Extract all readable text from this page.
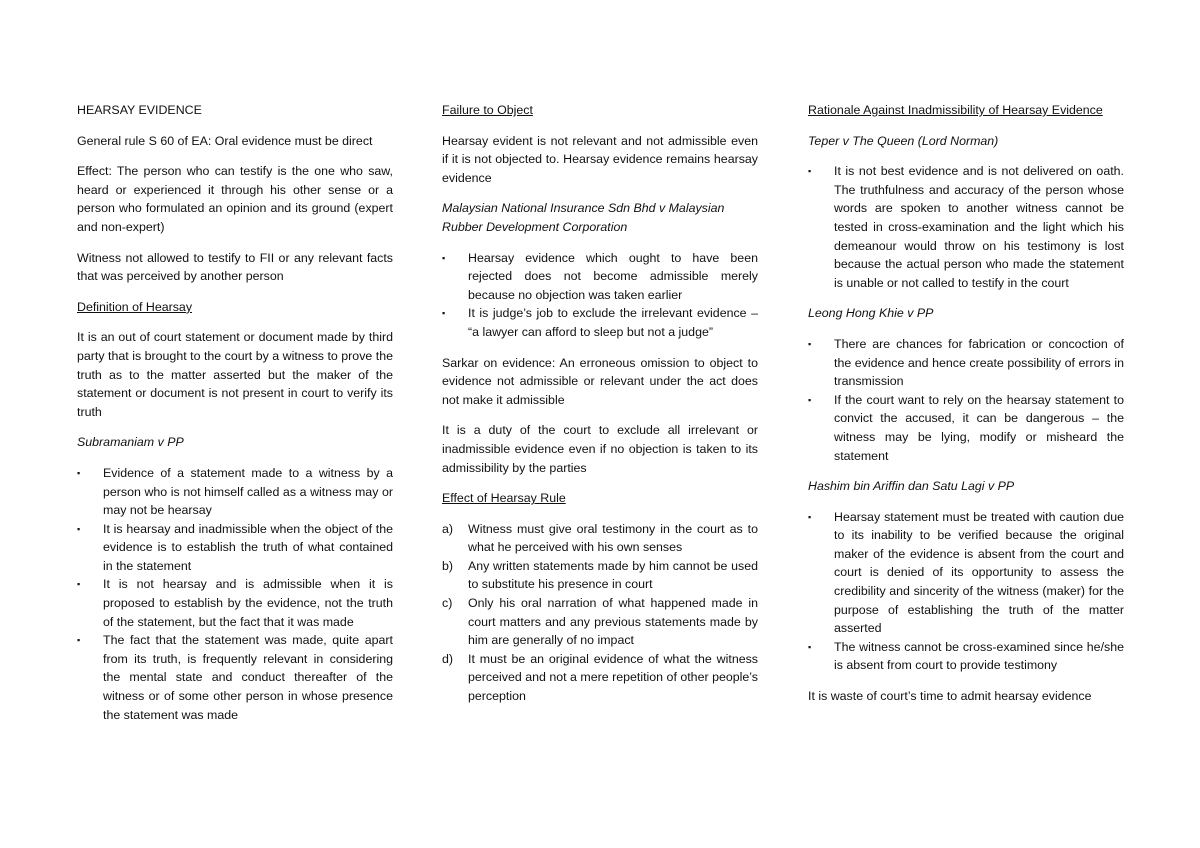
HEARSAY EVIDENCE

General rule S 60 of EA: Oral evidence must be direct

Effect: The person who can testify is the one who saw, heard or experienced it through his other sense or a person who formulated an opinion and its ground (expert and non-expert)

Witness not allowed to testify to FII or any relevant facts that was perceived by another person

Definition of Hearsay

It is an out of court statement or document made by third party that is brought to the court by a witness to prove the truth as to the matter asserted but the maker of the statement or document is not present in court to verify its truth

Subramaniam v PP

▪	Evidence of a statement made to a witness by a person who is not himself called as a witness may or may not be hearsay
▪	It is hearsay and inadmissible when the object of the evidence is to establish the truth of what contained in the statement
▪	It is not hearsay and is admissible when it is proposed to establish by the evidence, not the truth of the statement, but the fact that it was made
▪	The fact that the statement was made, quite apart from its truth, is frequently relevant in considering the mental state and conduct thereafter of the witness or of some other person in whose presence the statement was made

Failure to Object

Hearsay evident is not relevant and not admissible even if it is not objected to. Hearsay evidence remains hearsay evidence

Malaysian National Insurance Sdn Bhd v Malaysian Rubber Development Corporation

▪	Hearsay evidence which ought to have been rejected does not become admissible merely because no objection was taken earlier
▪	It is judge’s job to exclude the irrelevant evidence – “a lawyer can afford to sleep but not a judge”

Sarkar on evidence: An erroneous omission to object to evidence not admissible or relevant under the act does not make it admissible

It is a duty of the court to exclude all irrelevant or inadmissible evidence even if no objection is taken to its admissibility by the parties

Effect of Hearsay Rule

a)	Witness must give oral testimony in the court as to what he perceived with his own senses
b)	Any written statements made by him cannot be used to substitute his presence in court
c)	Only his oral narration of what happened made in court matters and any previous statements made by him are generally of no impact
d)	It must be an original evidence of what the witness perceived and not a mere repetition of other people’s perception

Rationale Against Inadmissibility of Hearsay Evidence

Teper v The Queen (Lord Norman)

▪	It is not best evidence and is not delivered on oath. The truthfulness and accuracy of the person whose words are spoken to another witness cannot be tested in cross-examination and the light which his demeanour would throw on his testimony is lost because the actual person who made the statement is unable or not called to testify in the court

Leong Hong Khie v PP

▪	There are chances for fabrication or concoction of the evidence and hence create possibility of errors in transmission
▪	If the court want to rely on the hearsay statement to convict the accused, it can be dangerous – the witness may be lying, modify or misheard the statement

Hashim bin Ariffin dan Satu Lagi v PP

▪	Hearsay statement must be treated with caution due to its inability to be verified because the original maker of the evidence is absent from the court and court is denied of its opportunity to assess the credibility and sincerity of the witness (maker) for the purpose of establishing the truth of the matter asserted
▪	The witness cannot be cross-examined since he/she is absent from court to provide testimony

It is waste of court’s time to admit hearsay evidence
